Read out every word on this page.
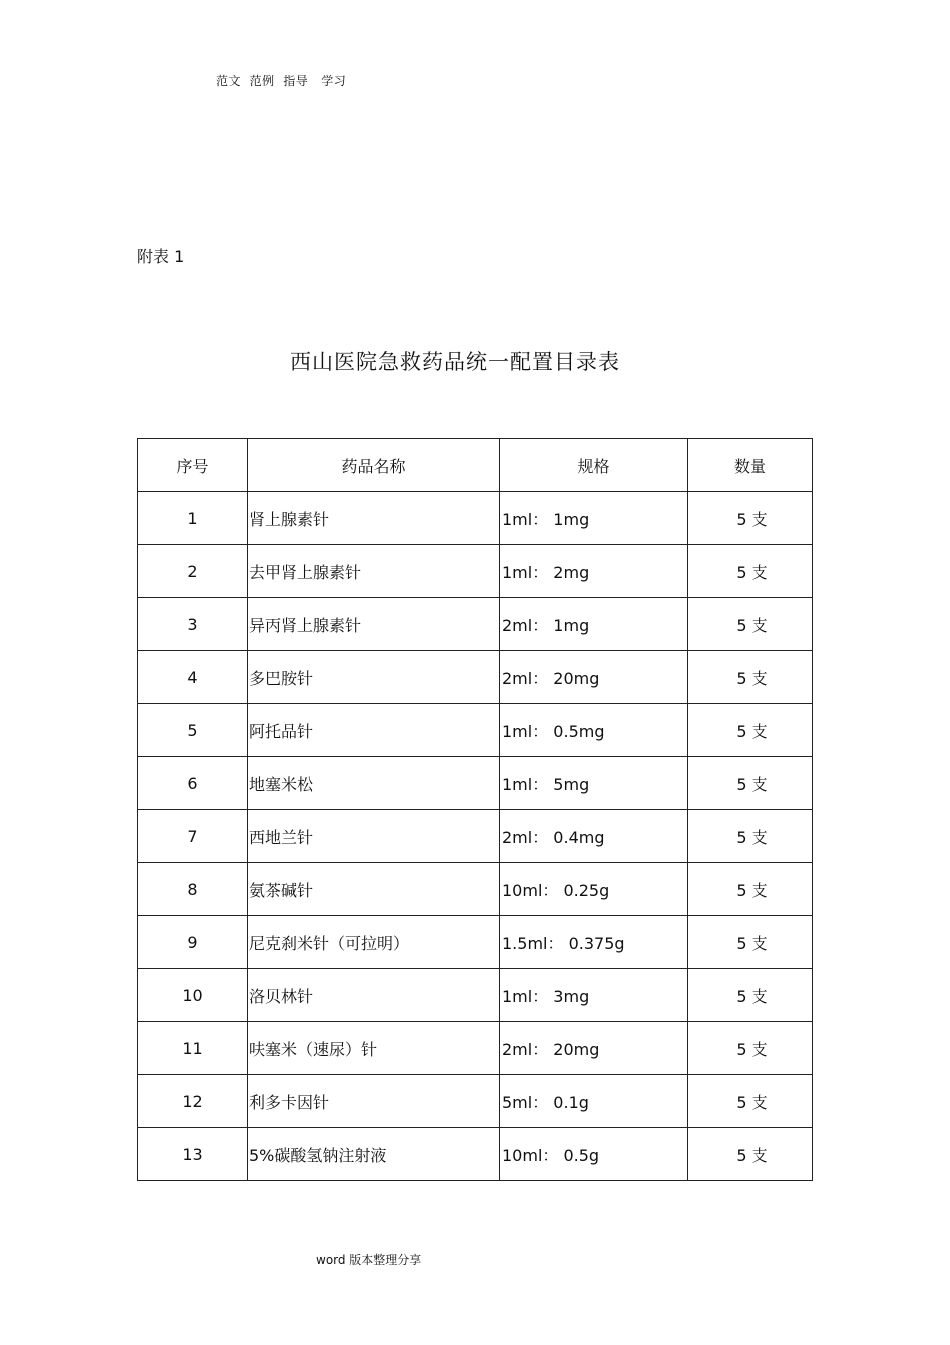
范文  范例  指导   学习
附表 1
西山医院急救药品统一配置目录表
序号	药品名称	规格	数量
1	肾上腺素针	1ml： 1mg	5 支
2	去甲肾上腺素针	1ml： 2mg	5 支
3	异丙肾上腺素针	2ml： 1mg	5 支
4	多巴胺针	2ml： 20mg	5 支
5	阿托品针	1ml： 0.5mg	5 支
6	地塞米松	1ml： 5mg	5 支
7	西地兰针	2ml： 0.4mg	5 支
8	氨茶碱针	10ml： 0.25g	5 支
9	尼克刹米针（可拉明）	1.5ml： 0.375g	5 支
10	洛贝林针	1ml： 3mg	5 支
11	呋塞米（速尿）针	2ml： 20mg	5 支
12	利多卡因针	5ml： 0.1g	5 支
13	5%碳酸氢钠注射液	10ml： 0.5g	5 支
word 版本整理分享
